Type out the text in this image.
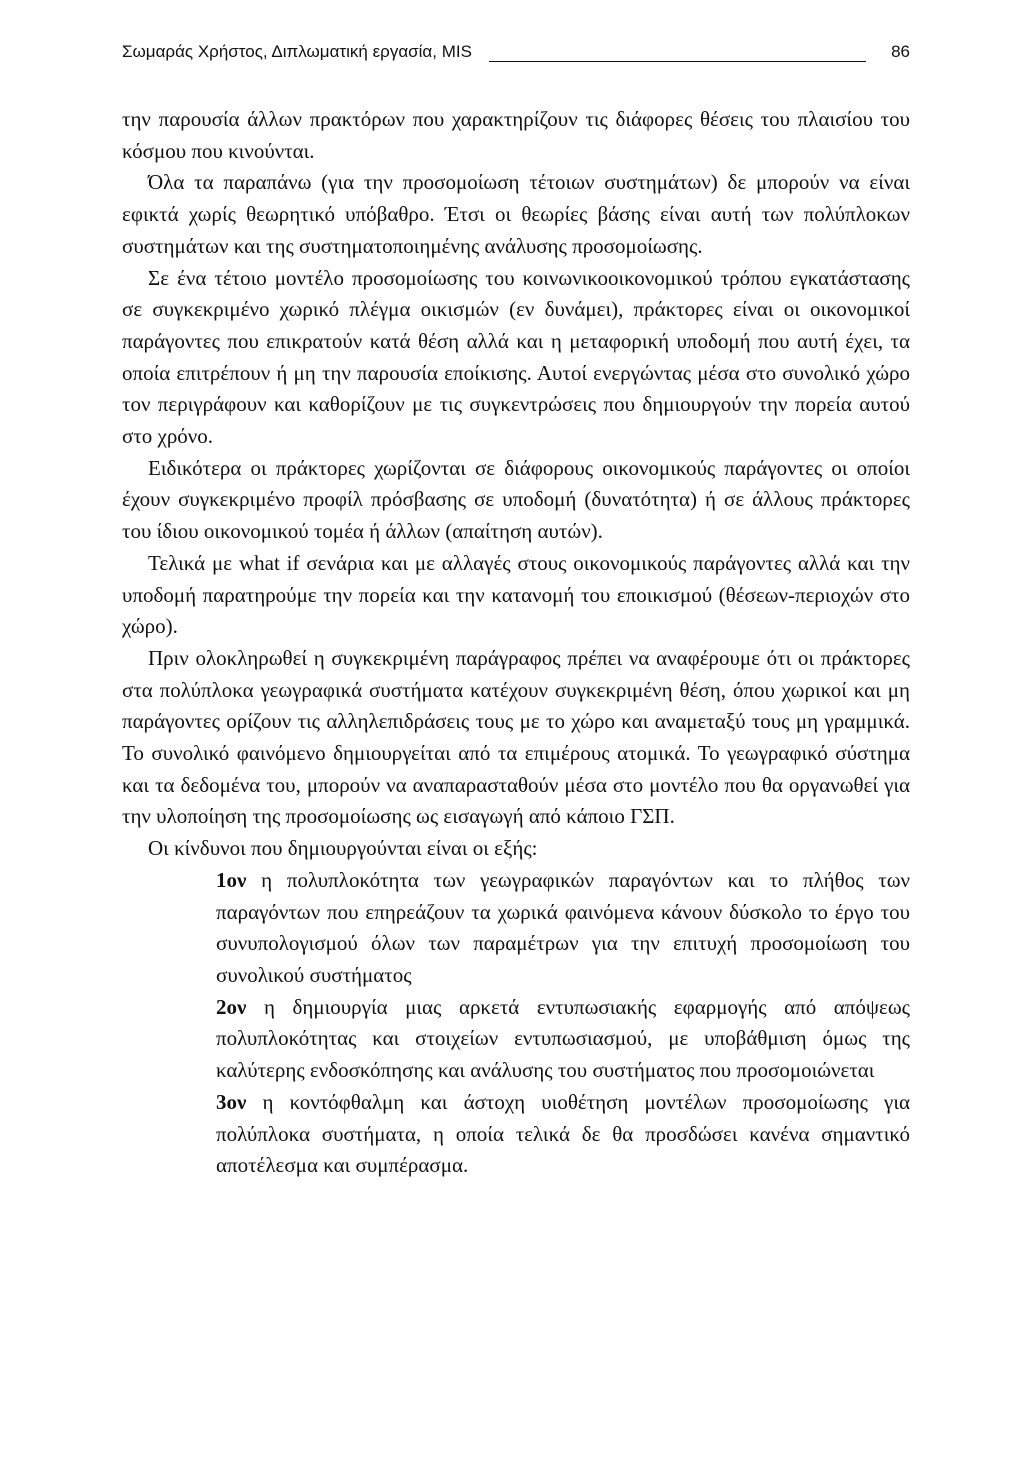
Σωμαράς Χρήστος, Διπλωματική εργασία, MIS	86

την παρουσία άλλων πρακτόρων που χαρακτηρίζουν τις διάφορες θέσεις του πλαισίου του κόσμου που κινούνται.

Όλα τα παραπάνω (για την προσομοίωση τέτοιων συστημάτων) δε μπορούν να είναι εφικτά χωρίς θεωρητικό υπόβαθρο. Έτσι οι θεωρίες βάσης είναι αυτή των πολύπλοκων συστημάτων και της συστηματοποιημένης ανάλυσης προσομοίωσης.

Σε ένα τέτοιο μοντέλο προσομοίωσης του κοινωνικοοικονομικού τρόπου εγκατάστασης σε συγκεκριμένο χωρικό πλέγμα οικισμών (εν δυνάμει), πράκτορες είναι οι οικονομικοί παράγοντες που επικρατούν κατά θέση αλλά και η μεταφορική υποδομή που αυτή έχει, τα οποία επιτρέπουν ή μη την παρουσία εποίκισης. Αυτοί ενεργώντας μέσα στο συνολικό χώρο τον περιγράφουν και καθορίζουν με τις συγκεντρώσεις που δημιουργούν την πορεία αυτού στο χρόνο.

Ειδικότερα οι πράκτορες χωρίζονται σε διάφορους οικονομικούς παράγοντες οι οποίοι έχουν συγκεκριμένο προφίλ πρόσβασης σε υποδομή (δυνατότητα) ή σε άλλους πράκτορες του ίδιου οικονομικού τομέα ή άλλων (απαίτηση αυτών).

Τελικά με what if σενάρια και με αλλαγές στους οικονομικούς παράγοντες αλλά και την υποδομή παρατηρούμε την πορεία και την κατανομή του εποικισμού (θέσεων-περιοχών στο χώρο).

Πριν ολοκληρωθεί η συγκεκριμένη παράγραφος πρέπει να αναφέρουμε ότι οι πράκτορες στα πολύπλοκα γεωγραφικά συστήματα κατέχουν συγκεκριμένη θέση, όπου χωρικοί και μη παράγοντες ορίζουν τις αλληλεπιδράσεις τους με το χώρο και αναμεταξύ τους μη γραμμικά. Το συνολικό φαινόμενο δημιουργείται από τα επιμέρους ατομικά. Το γεωγραφικό σύστημα και τα δεδομένα του, μπορούν να αναπαρασταθούν μέσα στο μοντέλο που θα οργανωθεί για την υλοποίηση της προσομοίωσης ως εισαγωγή από κάποιο ΓΣΠ.

Οι κίνδυνοι που δημιουργούνται είναι οι εξής:

1ον η πολυπλοκότητα των γεωγραφικών παραγόντων και το πλήθος των παραγόντων που επηρεάζουν τα χωρικά φαινόμενα κάνουν δύσκολο το έργο του συνυπολογισμού όλων των παραμέτρων για την επιτυχή προσομοίωση του συνολικού συστήματος

2ον η δημιουργία μιας αρκετά εντυπωσιακής εφαρμογής από απόψεως πολυπλοκότητας και στοιχείων εντυπωσιασμού, με υποβάθμιση όμως της καλύτερης ενδοσκόπησης και ανάλυσης του συστήματος που προσομοιώνεται

3ον η κοντόφθαλμη και άστοχη υιοθέτηση μοντέλων προσομοίωσης για πολύπλοκα συστήματα, η οποία τελικά δε θα προσδώσει κανένα σημαντικό αποτέλεσμα και συμπέρασμα.
